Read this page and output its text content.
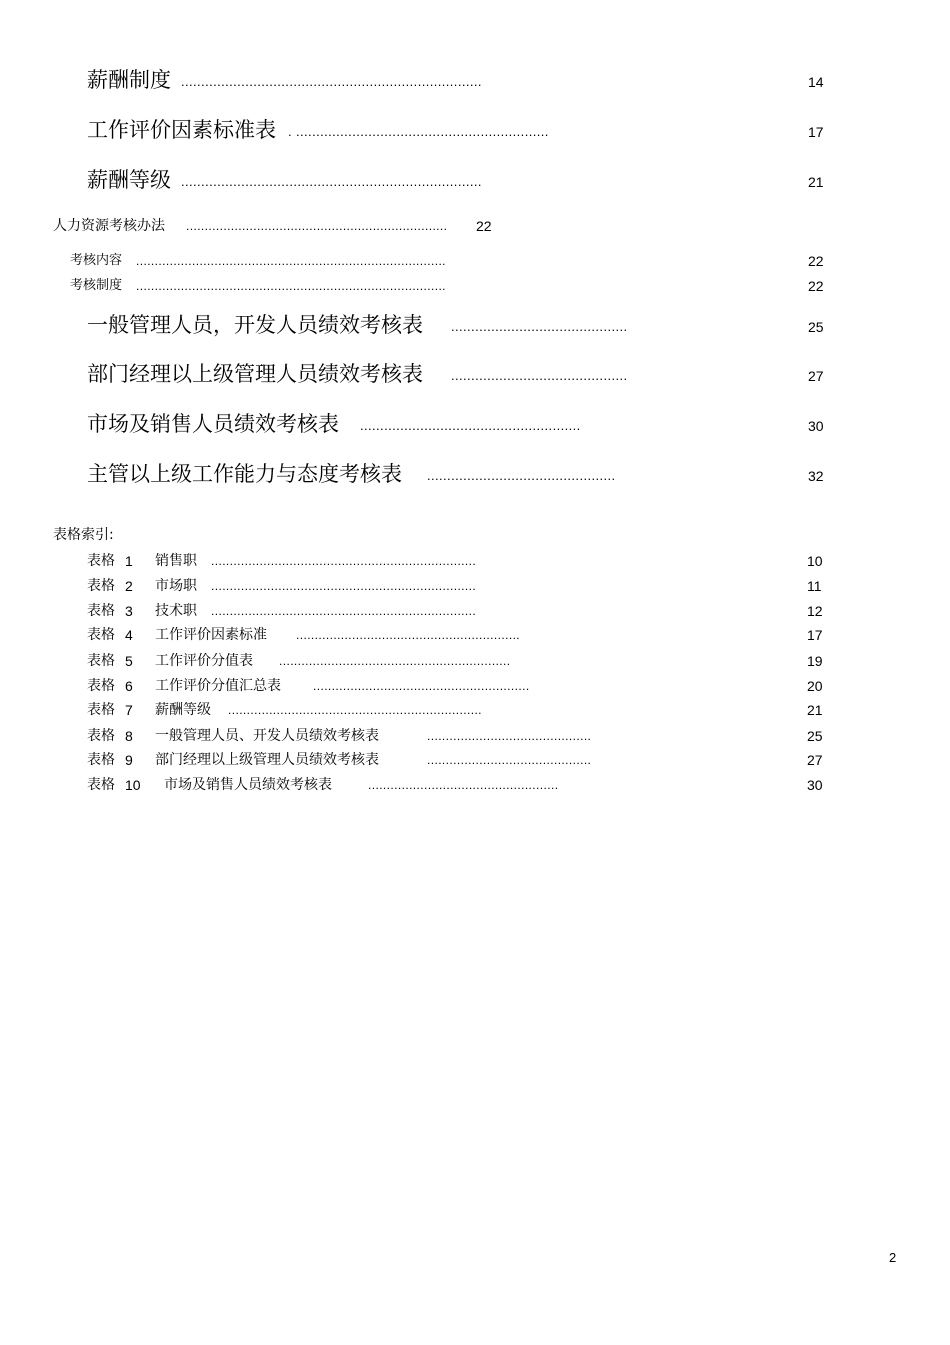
薪酬制度 ...........................................................................	14
工作评价因素标准表 . ...............................................................	17
薪酬等级 ...........................................................................	21
人力资源考核办法 ......................................................................	22
考核内容 ...................................................................................	22
考核制度 ...................................................................................	22
一般管理人员，开发人员绩效考核表 ............................................	25
部门经理以上级管理人员绩效考核表 ............................................	27
市场及销售人员绩效考核表 .......................................................	30
主管以上级工作能力与态度考核表 ...............................................	32
表格索引:
表格 1 销售职 .......................................................................	10
表格 2 市场职 .......................................................................	11
表格 3 技术职 .......................................................................	12
表格 4 工作评价因素标准 ............................................................	17
表格 5 工作评价分值表 ..............................................................	19
表格 6 工作评价分值汇总表	..........................................................	20
表格 7 薪酬等级 ....................................................................	21
表格 8 一般管理人员、开发人员绩效考核表	............................................	25
表格 9 部门经理以上级管理人员绩效考核表	............................................	27
表格 10 市场及销售人员绩效考核表	...................................................	30
2
